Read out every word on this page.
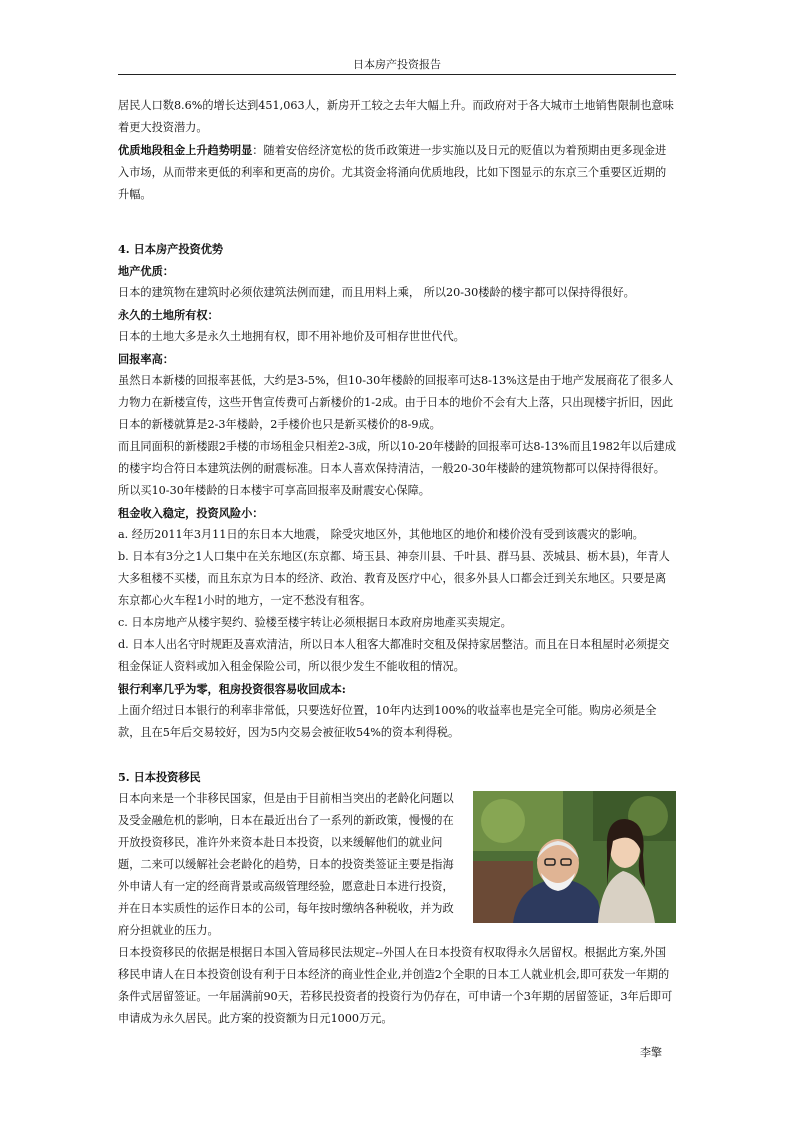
日本房产投资报告

居民人口数8.6%的增长达到451,063人，新房开工较之去年大幅上升。而政府对于各大城市土地销售限制也意味着更大投资潜力。

优质地段租金上升趋势明显：随着安倍经济宽松的货币政策进一步实施以及日元的贬值以为着预期由更多现金进入市场，从而带来更低的利率和更高的房价。尤其资金将涌向优质地段，比如下图显示的东京三个重要区近期的升幅。

4. 日本房产投资优势

地产优质：

日本的建筑物在建筑时必须依建筑法例而建，而且用料上乘， 所以20-30楼龄的楼宇都可以保持得很好。

永久的土地所有权：

日本的土地大多是永久土地拥有权，即不用补地价及可相存世世代代。

回报率高：

虽然日本新楼的回报率甚低，大约是3-5%，但10-30年楼龄的回报率可达8-13%这是由于地产发展商花了很多人力物力在新楼宣传，这些开售宣传费可占新楼价的1-2成。由于日本的地价不会有大上落，只出现楼宇折旧，因此日本的新楼就算是2-3年楼龄，2手楼价也只是新买楼价的8-9成。

而且同面积的新楼跟2手楼的市场租金只相差2-3成，所以10-20年楼龄的回报率可达8-13%而且1982年以后建成的楼宇均合符日本建筑法例的耐震标准。日本人喜欢保持清洁，一般20-30年楼龄的建筑物都可以保持得很好。所以买10-30年楼龄的日本楼宇可享高回报率及耐震安心保障。

租金收入稳定，投资风险小：

a. 经历2011年3月11日的东日本大地震， 除受灾地区外，其他地区的地价和楼价没有受到该震灾的影响。

b. 日本有3分之1人口集中在关东地区(东京都、埼玉县、神奈川县、千叶县、群马县、茨城县、栃木县)，年青人大多租楼不买楼，而且东京为日本的经济、政治、教育及医疗中心，很多外县人口都会迁到关东地区。只要是离东京都心火车程1小时的地方，一定不愁没有租客。

c. 日本房地产从楼宇契约、验楼至楼宇转让必须根据日本政府房地產买卖規定。

d. 日本人出名守时规距及喜欢清洁，所以日本人租客大都准时交租及保持家居整洁。而且在日本租屋时必须提交租金保证人资料或加入租金保险公司，所以很少发生不能收租的情况。

银行利率几乎为零，租房投资很容易收回成本:

上面介绍过日本银行的利率非常低，只要选好位置，10年内达到100%的收益率也是完全可能。购房必须是全款，且在5年后交易较好，因为5内交易会被征收54%的资本利得税。

5. 日本投资移民

日本向来是一个非移民国家，但是由于目前相当突出的老龄化问题以及受金融危机的影响，日本在最近出台了一系列的新政策，慢慢的在开放投资移民，准许外来资本赴日本投资，以来缓解他们的就业问题，二来可以缓解社会老龄化的趋势，日本的投资类签证主要是指海外申请人有一定的经商背景或高级管理经验，愿意赴日本进行投资，并在日本实质性的运作日本的公司，每年按时缴纳各种税收，并为政府分担就业的压力。

日本投资移民的依据是根据日本国入管局移民法规定--外国人在日本投资有权取得永久居留权。根据此方案,外国移民申请人在日本投资创设有利于日本经济的商业性企业,并创造2个全职的日本工人就业机会,即可获发一年期的条件式居留签证。一年届满前90天，若移民投资者的投资行为仍存在，可申请一个3年期的居留签证，3年后即可申请成为永久居民。此方案的投资额为日元1000万元。

李擎
